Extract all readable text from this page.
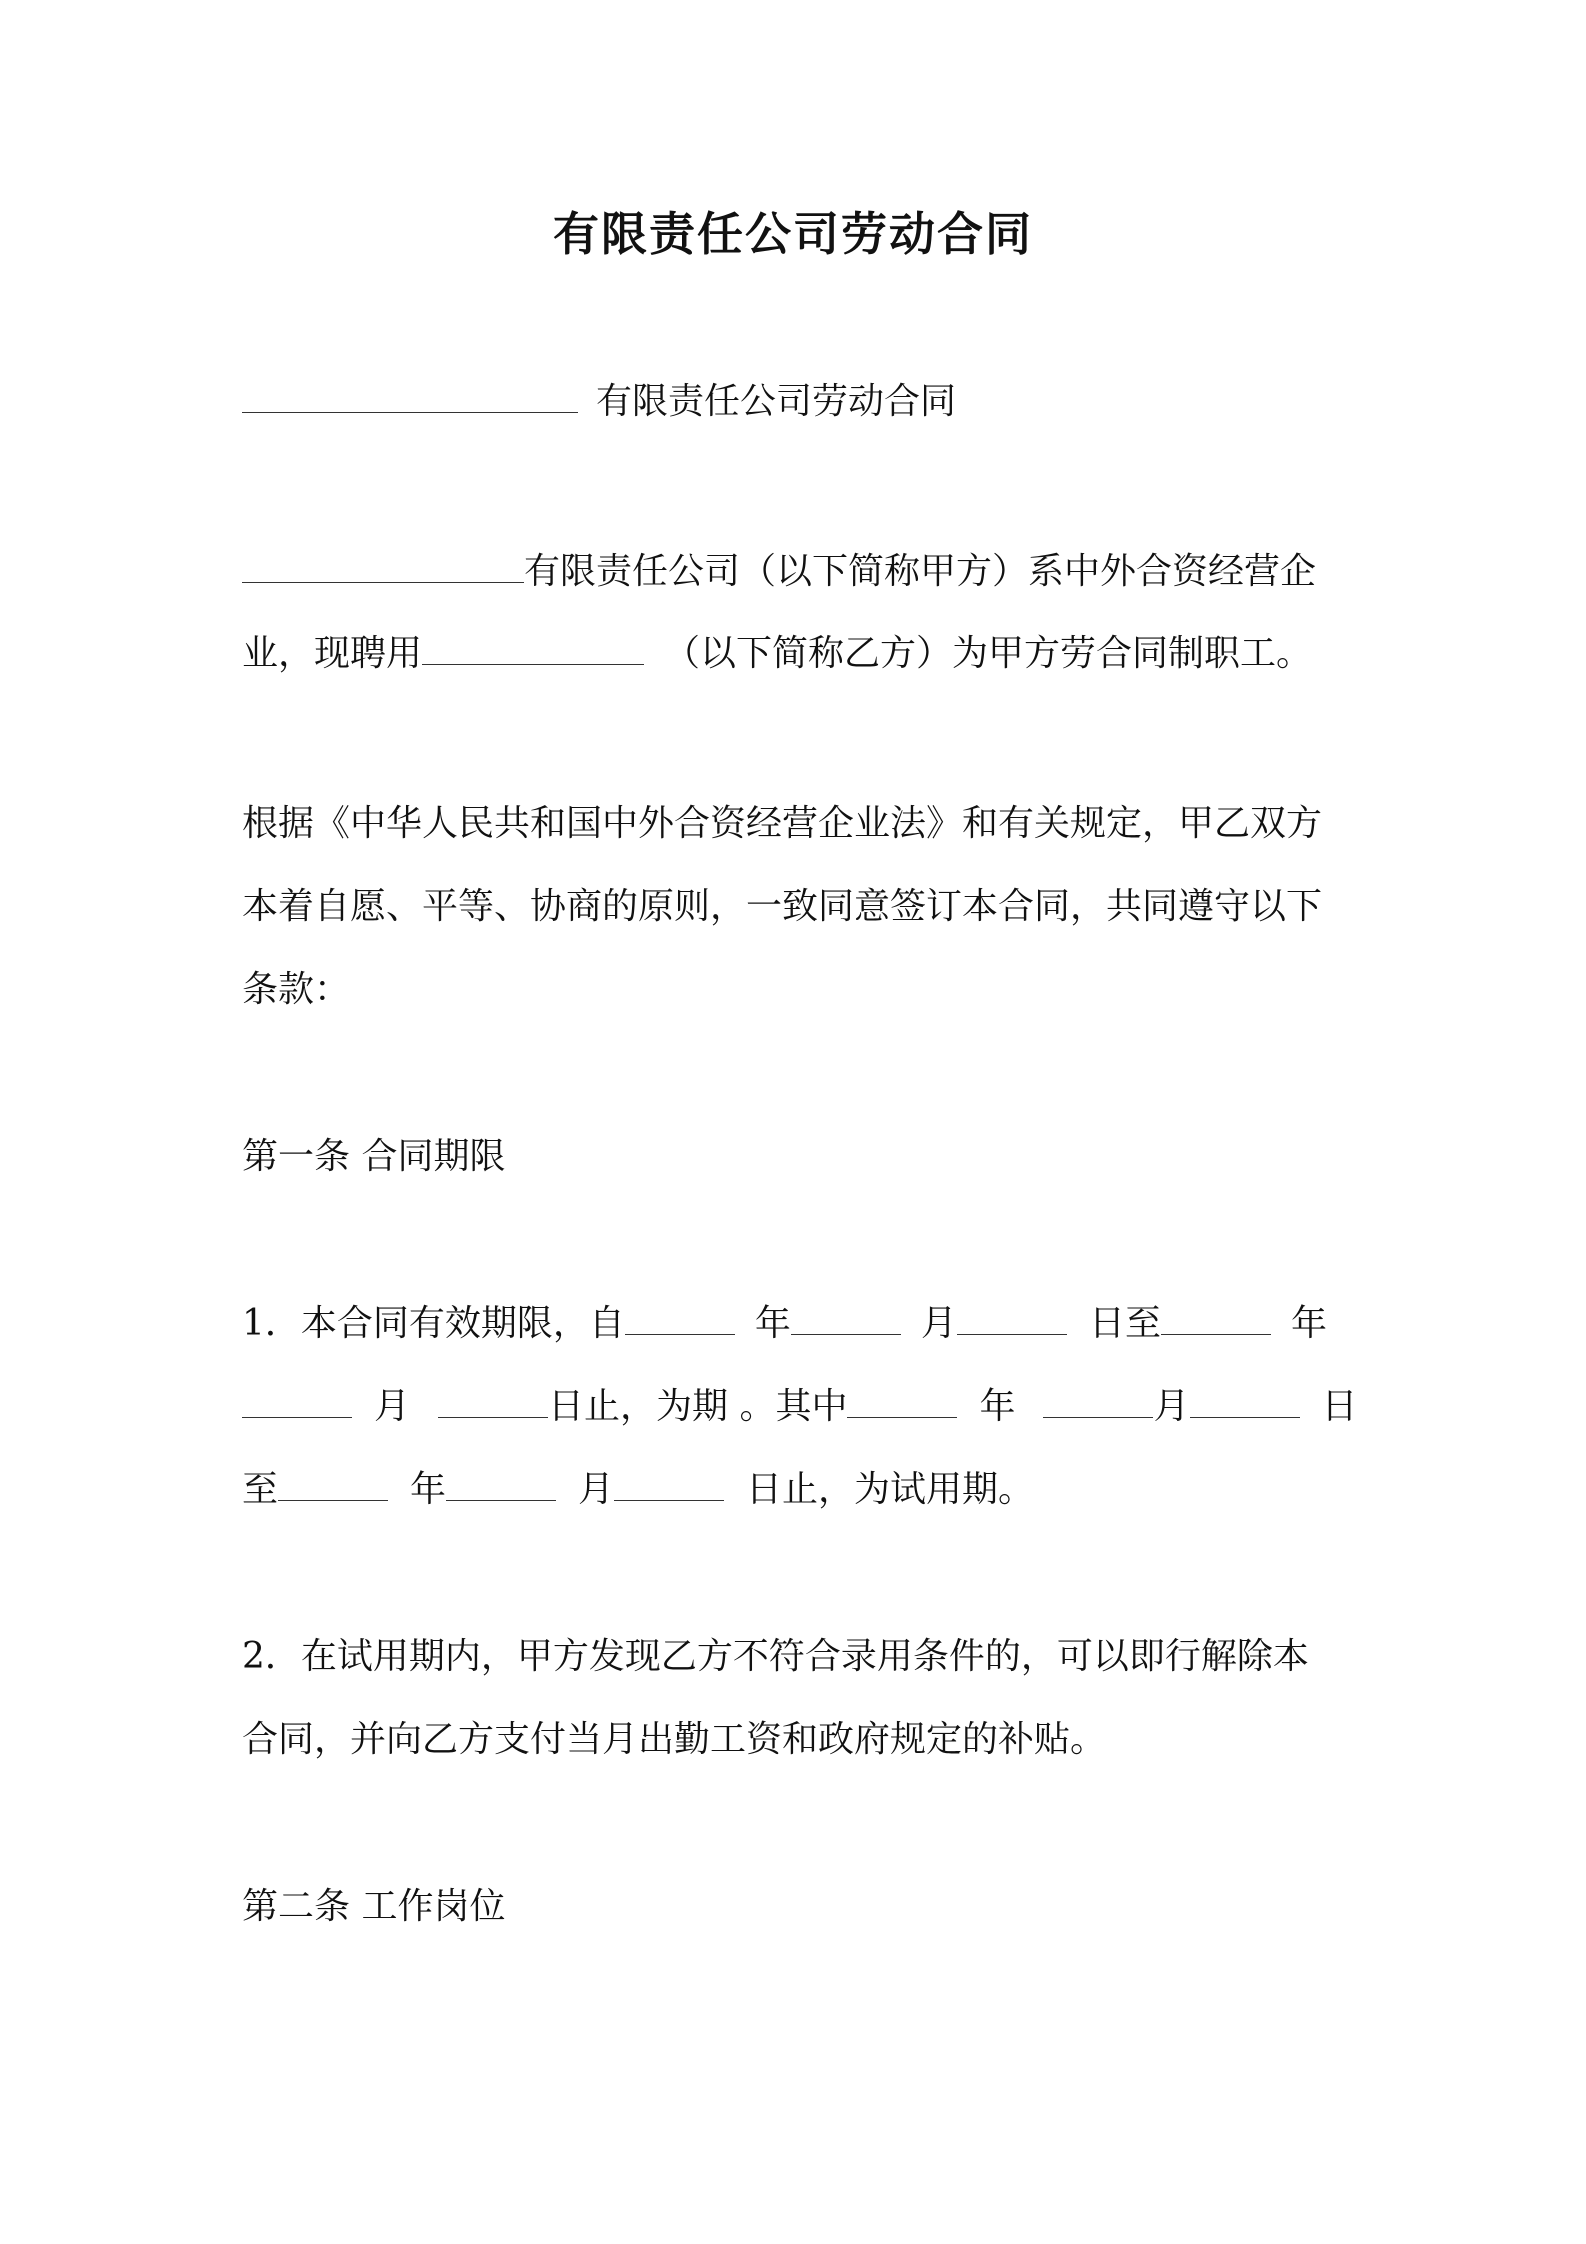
有限责任公司劳动合同
有限责任公司劳动合同
有限责任公司（以下简称甲方）系中外合资经营企
业，现聘用	（以下简称乙方）为甲方劳合同制职工。
根据《中华人民共和国中外合资经营企业法》和有关规定，甲乙双方
本着自愿、平等、协商的原则，一致同意签订本合同，共同遵守以下
条款：
第一条 合同期限
1．本合同有效期限，自	年	月	日至	年
月	日止，为期 。其中	年	月	日
至	年	月	日止，为试用期。
2．在试用期内，甲方发现乙方不符合录用条件的，可以即行解除本
合同，并向乙方支付当月出勤工资和政府规定的补贴。
第二条 工作岗位
